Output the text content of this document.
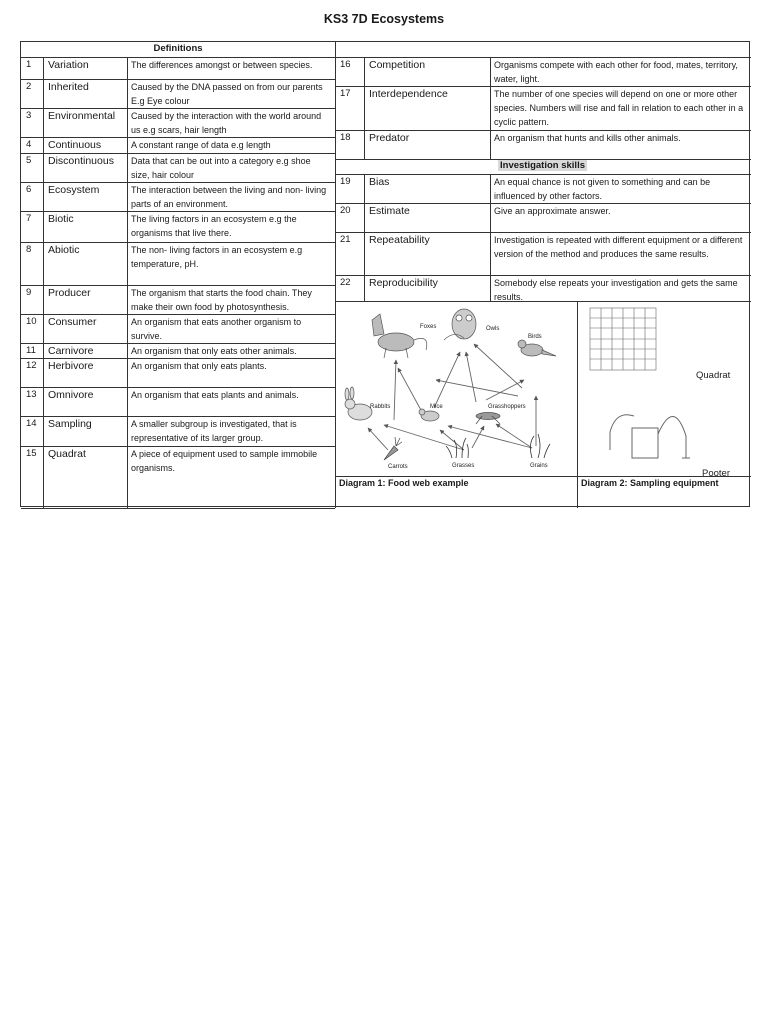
KS3 7D Ecosystems
Definitions
Investigation skills
Foxes	Owls
Birds
Rabbits	Mice	Grasshoppers
Carrots	Grasses	Grains
Quadrat
Pooter
Diagram 1: Food web example	Diagram 2: Sampling equipment
1	Variation	The differences amongst or between species.
2	Inherited	Caused by the DNA passed on from our parents E.g Eye colour
3	Environmental	Caused by the interaction with the world around us e.g scars, hair length
4	Continuous	A constant range of data e.g length
5	Discontinuous	Data that can be out into a category e.g shoe size, hair colour
6	Ecosystem	The interaction between the living and non- living parts of an environment.
7	Biotic	The living factors in an ecosystem e.g the organisms that live there.
8	Abiotic	The non- living factors in an ecosystem e.g temperature, pH.
9	Producer	The organism that starts the food chain. They make their own food by photosynthesis.
10	Consumer	An organism that eats another organism to survive.
11	Carnivore	An organism that only eats other animals.
12	Herbivore	An organism that only eats plants.
13	Omnivore	An organism that eats plants and animals.
14	Sampling	A smaller subgroup is investigated, that is representative of its larger group.
15	Quadrat	A piece of equipment used to sample immobile organisms.
16	Competition	Organisms compete with each other for food, mates, territory, water, light.
17	Interdependence	The number of one species will depend on one or more other species. Numbers will rise and fall in relation to each other in a cyclic pattern.
18	Predator	An organism that hunts and kills other animals.
19	Bias	An equal chance is not given to something and can be influenced by other factors.
20	Estimate	Give an approximate answer.
21	Repeatability	Investigation is repeated with different equipment or a different version of the method and produces the same results.
22	Reproducibility	Somebody else repeats your investigation and gets the same results.
